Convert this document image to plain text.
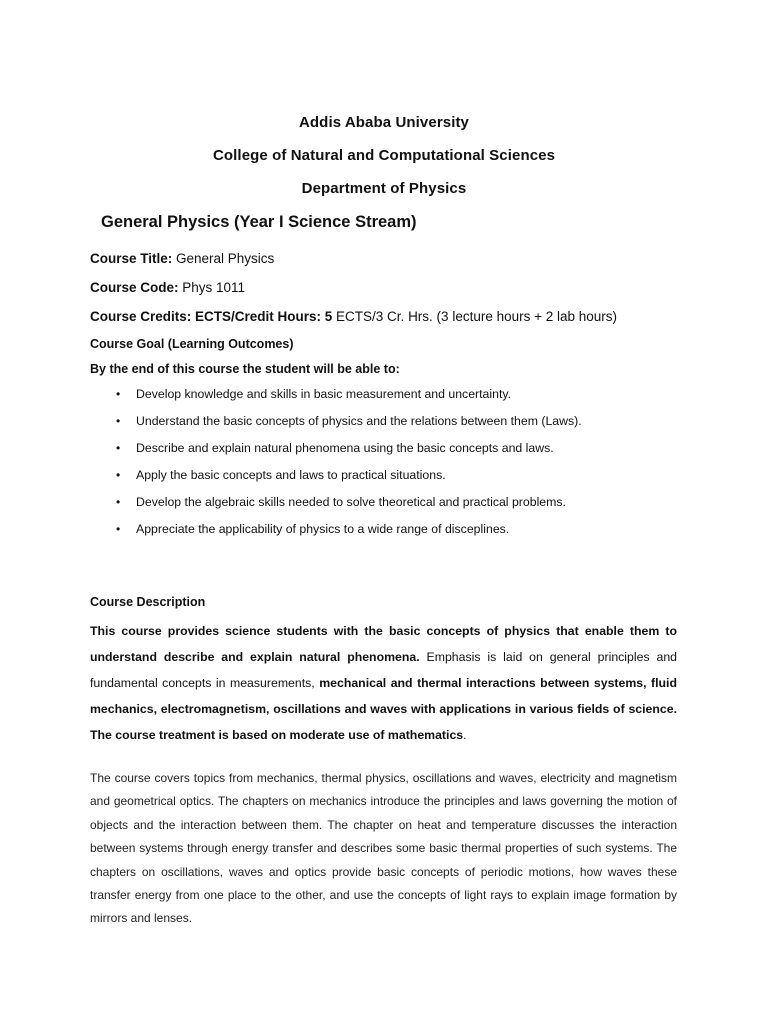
Addis Ababa University
College of Natural and Computational Sciences
Department of Physics
General Physics (Year I Science Stream)
Course Title: General Physics
Course Code: Phys 1011
Course Credits: ECTS/Credit Hours: 5 ECTS/3 Cr. Hrs. (3 lecture hours + 2 lab hours)
Course Goal (Learning Outcomes)
By the end of this course the student will be able to:
• Develop knowledge and skills in basic measurement and uncertainty.
• Understand the basic concepts of physics and the relations between them (Laws).
• Describe and explain natural phenomena using the basic concepts and laws.
• Apply the basic concepts and laws to practical situations.
• Develop the algebraic skills needed to solve theoretical and practical problems.
• Appreciate the applicability of physics to a wide range of disceplines.
Course Description
This course provides science students with the basic concepts of physics that enable them to understand describe and explain natural phenomena. Emphasis is laid on general principles and fundamental concepts in measurements, mechanical and thermal interactions between systems, fluid mechanics, electromagnetism, oscillations and waves with applications in various fields of science. The course treatment is based on moderate use of mathematics.
The course covers topics from mechanics, thermal physics, oscillations and waves, electricity and magnetism and geometrical optics. The chapters on mechanics introduce the principles and laws governing the motion of objects and the interaction between them. The chapter on heat and temperature discusses the interaction between systems through energy transfer and describes some basic thermal properties of such systems. The chapters on oscillations, waves and optics provide basic concepts of periodic motions, how waves these transfer energy from one place to the other, and use the concepts of light rays to explain image formation by mirrors and lenses.
